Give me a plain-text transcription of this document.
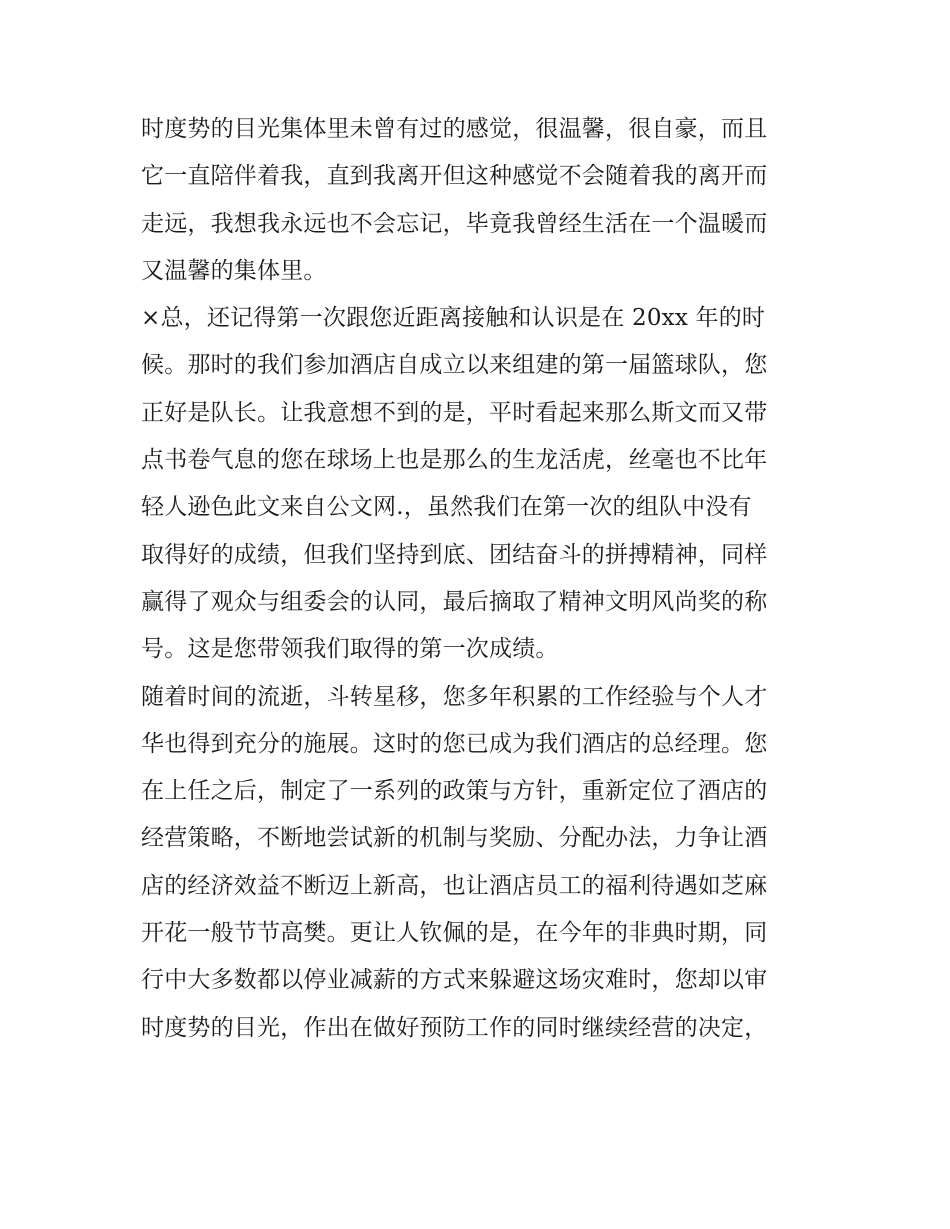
时度势的目光集体里未曾有过的感觉，很温馨，很自豪，而且
它一直陪伴着我，直到我离开但这种感觉不会随着我的离开而
走远，我想我永远也不会忘记，毕竟我曾经生活在一个温暖而
又温馨的集体里。
×总，还记得第一次跟您近距离接触和认识是在 20xx 年的时
候。那时的我们参加酒店自成立以来组建的第一届篮球队，您
正好是队长。让我意想不到的是，平时看起来那么斯文而又带
点书卷气息的您在球场上也是那么的生龙活虎，丝毫也不比年
轻人逊色此文来自公文网.，虽然我们在第一次的组队中没有
取得好的成绩，但我们坚持到底、团结奋斗的拼搏精神，同样
赢得了观众与组委会的认同，最后摘取了精神文明风尚奖的称
号。这是您带领我们取得的第一次成绩。
随着时间的流逝，斗转星移，您多年积累的工作经验与个人才
华也得到充分的施展。这时的您已成为我们酒店的总经理。您
在上任之后，制定了一系列的政策与方针，重新定位了酒店的
经营策略，不断地尝试新的机制与奖励、分配办法，力争让酒
店的经济效益不断迈上新高，也让酒店员工的福利待遇如芝麻
开花一般节节高樊。更让人钦佩的是，在今年的非典时期，同
行中大多数都以停业减薪的方式来躲避这场灾难时，您却以审
时度势的目光，作出在做好预防工作的同时继续经营的决定，
